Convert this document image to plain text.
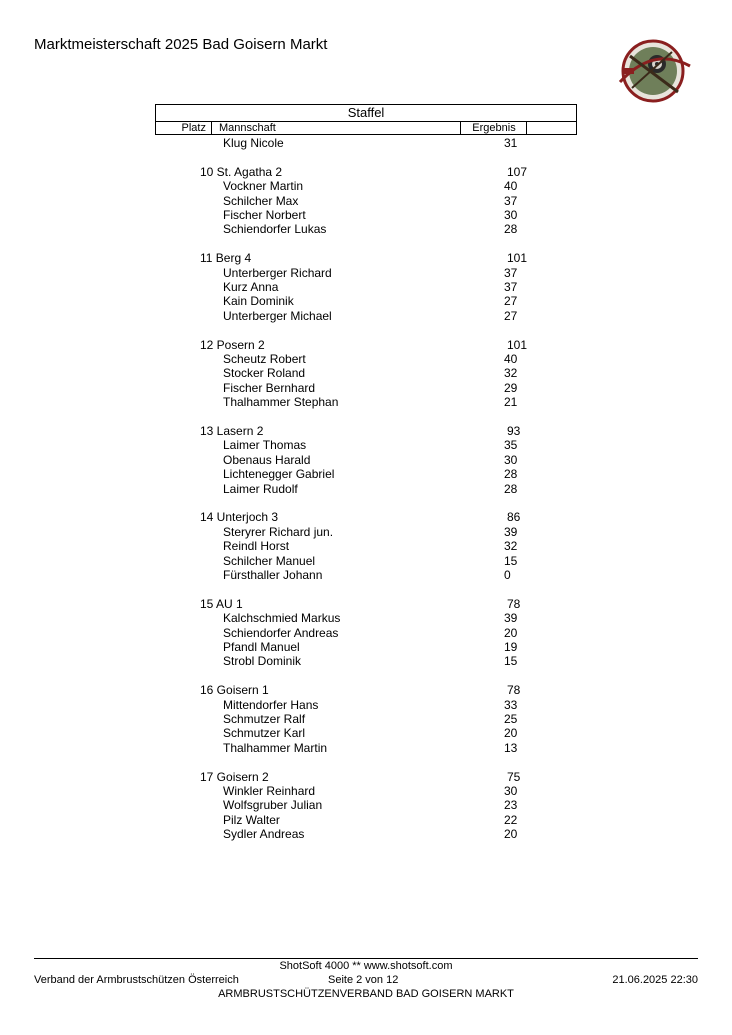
Marktmeisterschaft 2025 Bad Goisern Markt
Staffel
Platz	Mannschaft	Ergebnis
Klug Nicole	31
10 St. Agatha 2	107
Vockner Martin	40
Schilcher Max	37
Fischer Norbert	30
Schiendorfer Lukas	28
11 Berg 4	101
Unterberger Richard	37
Kurz Anna	37
Kain Dominik	27
Unterberger Michael	27
12 Posern 2	101
Scheutz Robert	40
Stocker Roland	32
Fischer Bernhard	29
Thalhammer Stephan	21
13 Lasern 2	93
Laimer Thomas	35
Obenaus Harald	30
Lichtenegger Gabriel	28
Laimer Rudolf	28
14 Unterjoch 3	86
Steryrer Richard jun.	39
Reindl Horst	32
Schilcher Manuel	15
Fürsthaller Johann	0
15 AU 1	78
Kalchschmied Markus	39
Schiendorfer Andreas	20
Pfandl Manuel	19
Strobl Dominik	15
16 Goisern 1	78
Mittendorfer Hans	33
Schmutzer Ralf	25
Schmutzer Karl	20
Thalhammer Martin	13
17 Goisern 2	75
Winkler Reinhard	30
Wolfsgruber Julian	23
Pilz Walter	22
Sydler Andreas	20
ShotSoft 4000 ** www.shotsoft.com
Verband der Armbrustschützen Österreich	Seite 2 von 12	21.06.2025 22:30
ARMBRUSTSCHÜTZENVERBAND BAD GOISERN MARKT
